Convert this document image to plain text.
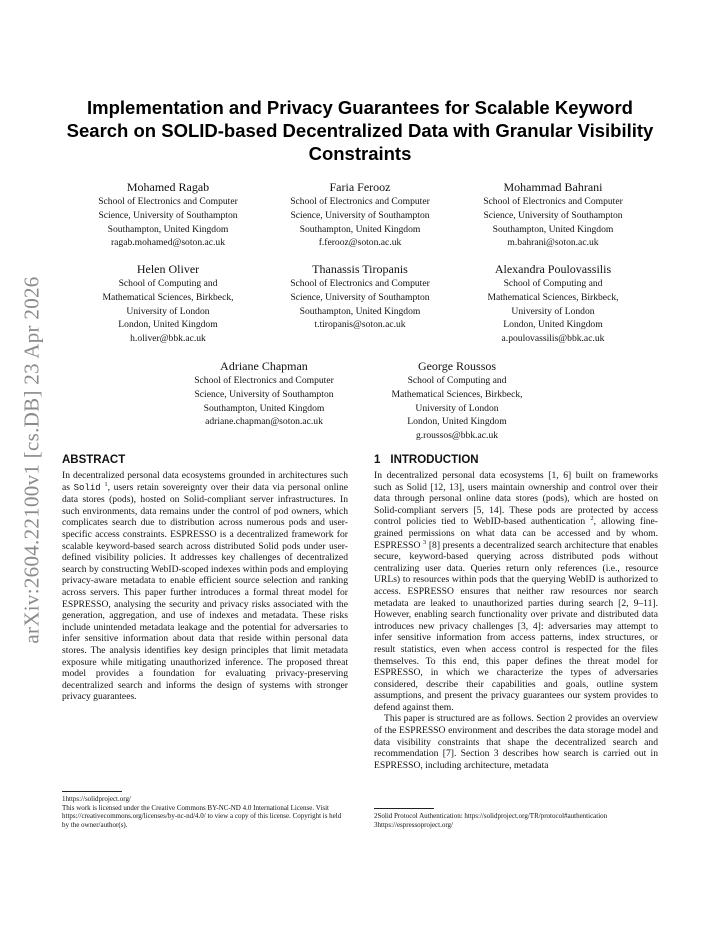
arXiv:2604.22100v1 [cs.DB] 23 Apr 2026
Implementation and Privacy Guarantees for Scalable Keyword Search on SOLID-based Decentralized Data with Granular Visibility Constraints
Mohamed Ragab
School of Electronics and Computer
Science, University of Southampton
Southampton, United Kingdom
ragab.mohamed@soton.ac.uk
Faria Ferooz
School of Electronics and Computer
Science, University of Southampton
Southampton, United Kingdom
f.ferooz@soton.ac.uk
Mohammad Bahrani
School of Electronics and Computer
Science, University of Southampton
Southampton, United Kingdom
m.bahrani@soton.ac.uk
Helen Oliver
School of Computing and
Mathematical Sciences, Birkbeck,
University of London
London, United Kingdom
h.oliver@bbk.ac.uk
Thanassis Tiropanis
School of Electronics and Computer
Science, University of Southampton
Southampton, United Kingdom
t.tiropanis@soton.ac.uk
Alexandra Poulovassilis
School of Computing and
Mathematical Sciences, Birkbeck,
University of London
London, United Kingdom
a.poulovassilis@bbk.ac.uk
Adriane Chapman
School of Electronics and Computer
Science, University of Southampton
Southampton, United Kingdom
adriane.chapman@soton.ac.uk
George Roussos
School of Computing and
Mathematical Sciences, Birkbeck,
University of London
London, United Kingdom
g.roussos@bbk.ac.uk
ABSTRACT

In decentralized personal data ecosystems grounded in architectures such as Solid $^1$, users retain sovereignty over their data via personal online data stores (pods), hosted on Solid-compliant server infrastructures. In such environments, data remains under the control of pod owners, which complicates search due to distribution across numerous pods and user-specific access constraints. ESPRESSO is a decentralized framework for scalable keyword-based search across distributed Solid pods under user-defined visibility policies. It addresses key challenges of decentralized search by constructing WebID-scoped indexes within pods and employing privacy-aware metadata to enable efficient source selection and ranking across servers. This paper further introduces a formal threat model for ESPRESSO, analysing the security and privacy risks associated with the generation, aggregation, and use of indexes and metadata. These risks include unintended metadata leakage and the potential for adversaries to infer sensitive information about data that reside within personal data stores. The analysis identifies key design principles that limit metadata exposure while mitigating unauthorized inference. The proposed threat model provides a foundation for evaluating privacy-preserving decentralized search and informs the design of systems with stronger privacy guarantees.

1 INTRODUCTION

In decentralized personal data ecosystems [1, 6] built on frameworks such as Solid [12, 13], users maintain ownership and control over their data through personal online data stores (pods), which are hosted on Solid-compliant servers [5, 14]. These pods are protected by access control policies tied to WebID-based authentication $^2$, allowing fine-grained permissions on what data can be accessed and by whom. ESPRESSO $^3$ [8] presents a decentralized search architecture that enables secure, keyword-based querying across distributed pods without centralizing user data. Queries return only references (i.e., resource URLs) to resources within pods that the querying WebID is authorized to access. ESPRESSO ensures that neither raw resources nor search metadata are leaked to unauthorized parties during search [2, 9–11]. However, enabling search functionality over private and distributed data introduces new privacy challenges [3, 4]: adversaries may attempt to infer sensitive information from access patterns, index structures, or result statistics, even when access control is respected for the files themselves. To this end, this paper defines the threat model for ESPRESSO, in which we characterize the types of adversaries considered, describe their capabilities and goals, outline system assumptions, and present the privacy guarantees our system provides to defend against them.

This paper is structured are as follows. Section 2 provides an overview of the ESPRESSO environment and describes the data storage model and data visibility constraints that shape the decentralized search and recommendation [7]. Section 3 describes how search is carried out in ESPRESSO, including architecture, metadata

1https://solidproject.org/
This work is licensed under the Creative Commons BY-NC-ND 4.0 International License. Visit https://creativecommons.org/licenses/by-nc-nd/4.0/ to view a copy of this license. Copyright is held by the owner/author(s).
2Solid Protocol Authentication: https://solidproject.org/TR/protocol#authentication
3https://espressoproject.org/
